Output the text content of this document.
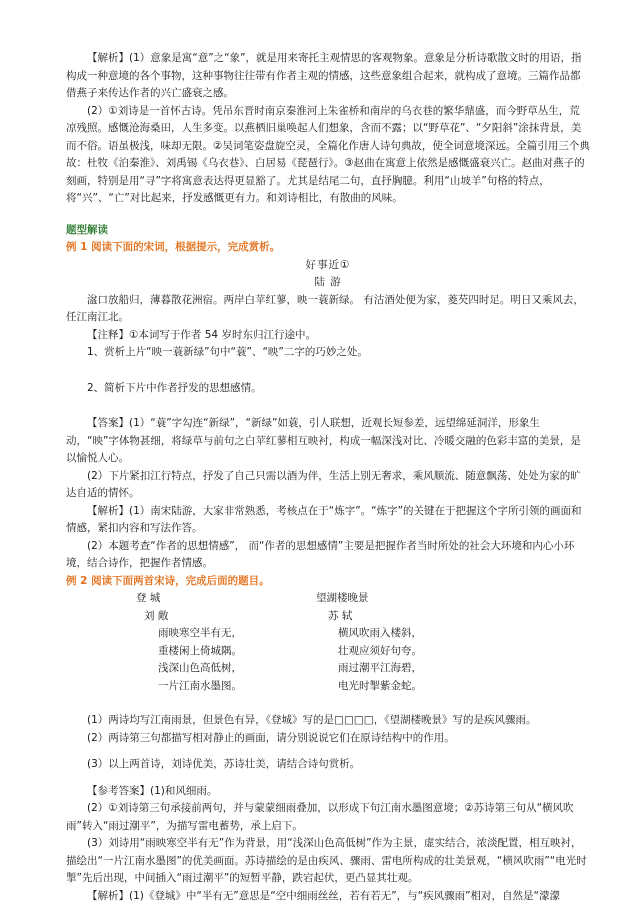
【解析】(1）意象是寓“意”之“象”，就是用来寄托主观情思的客观物象。意象是分析诗歌散文时的用语，指构成一种意境的各个事物，这种事物往往带有作者主观的情感，这些意象组合起来，就构成了意境。三篇作品都借燕子来传达作者的兴亡盛衰之感。

(2）①刘诗是一首怀古诗。凭吊东晋时南京秦淮河上朱雀桥和南岸的乌衣巷的繁华鼎盛，而今野草丛生，荒凉残照。感慨沧海桑田，人生多变。以燕栖旧巢唤起人们想象，含而不露；以“野草花”、“夕阳斜”涂抹背景，美而不俗。语虽极浅，味却无限。②吴词笔姿盘旋空灵，全篇化作唐人诗句典故，使全词意境深远。全篇引用三个典故：杜牧《泊秦淮》、刘禹锡《乌衣巷》、白居易《琵琶行》。③赵曲在寓意上依然是感慨盛衰兴亡。赵曲对燕子的刻画，特别是用“寻”字将寓意表达得更显豁了。尤其是结尾二句，直抒胸臆。利用“山坡羊”句格的特点，将“兴”、“亡”对比起来，抒发感慨更有力。和刘诗相比，有散曲的风味。

题型解读

例 1 阅读下面的宋词，根据提示，完成赏析。

好事近①

陆 游

湓口放船归，薄暮散花洲宿。两岸白苹红蓼，映一蓑新绿。 有沽酒处便为家，菱芡四时足。明日又乘风去，任江南江北。

【注释】①本词写于作者 54 岁时东归江行途中。

1、赏析上片“映一蓑新绿”句中“蓑”、“映”二字的巧妙之处。

2、简析下片中作者抒发的思想感情。

【答案】(1）“蓑”字勾连“新绿”，“新绿”如蓑，引人联想，近观长短参差，远望绵延洞洋，形象生动，“映”字体物甚细，将绿草与前句之白苹红蓼相互映衬，构成一幅深浅对比、冷暖交融的色彩丰富的美景，是以愉悦人心。

(2）下片紧扣江行特点，抒发了自己只需以酒为伴，生活上别无奢求，乘风顺流、随意飘荡、处处为家的旷达自适的情怀。

【解析】(1）南宋陆游，大家非常熟悉，考核点在于“炼字”。“炼字”的关键在于把握这个字所引领的画面和情感，紧扣内容和写法作答。

(2）本题考查“作者的思想情感”， 而“作者的思想感情”主要是把握作者当时所处的社会大环境和内心小环境，结合诗作，把握作者情感。

例 2 阅读下面两首宋诗，完成后面的题目。

登 城

刘 敞

雨映寒空半有无，

重楼闲上倚城隅。

浅深山色高低树，

一片江南水墨图。

望湖楼晚景

苏 轼

横风吹雨入楼斜，

壮观应须好句夸。

雨过潮平江海碧，

电光时掣紫金蛇。

(1）两诗均写江南雨景，但景色有异，《登城》写的是□□□□，《望湖楼晚景》写的是疾风骤雨。

(2）两诗第三句都描写相对静止的画面，请分别说说它们在原诗结构中的作用。

(3）以上两首诗，刘诗优美，苏诗壮美，请结合诗句赏析。

【参考答案】(1)和风细雨。

(2）①刘诗第三句承接前两句，并与蒙蒙细雨叠加，以形成下句江南水墨图意境；②苏诗第三句从“横风吹雨”转入“雨过潮平”，为描写雷电蓄势，承上启下。

(3）刘诗用“雨映寒空半有无”作为背景，用“浅深山色高低树”作为主景，虚实结合，浓淡配置，相互映衬，描绘出“一片江南水墨图”的优美画面。苏诗描绘的是由疾风、骤雨、雷电所构成的壮美景观，“横风吹雨”“电光时掣”先后出现，中间插入“雨过潮平”的短暂平静，跌宕起伏，更凸显其壮观。

【解析】(1)《登城》中“半有无”意思是“空中细雨丝丝，若有若无”，与“疾风骤雨”相对，自然是“濛濛
